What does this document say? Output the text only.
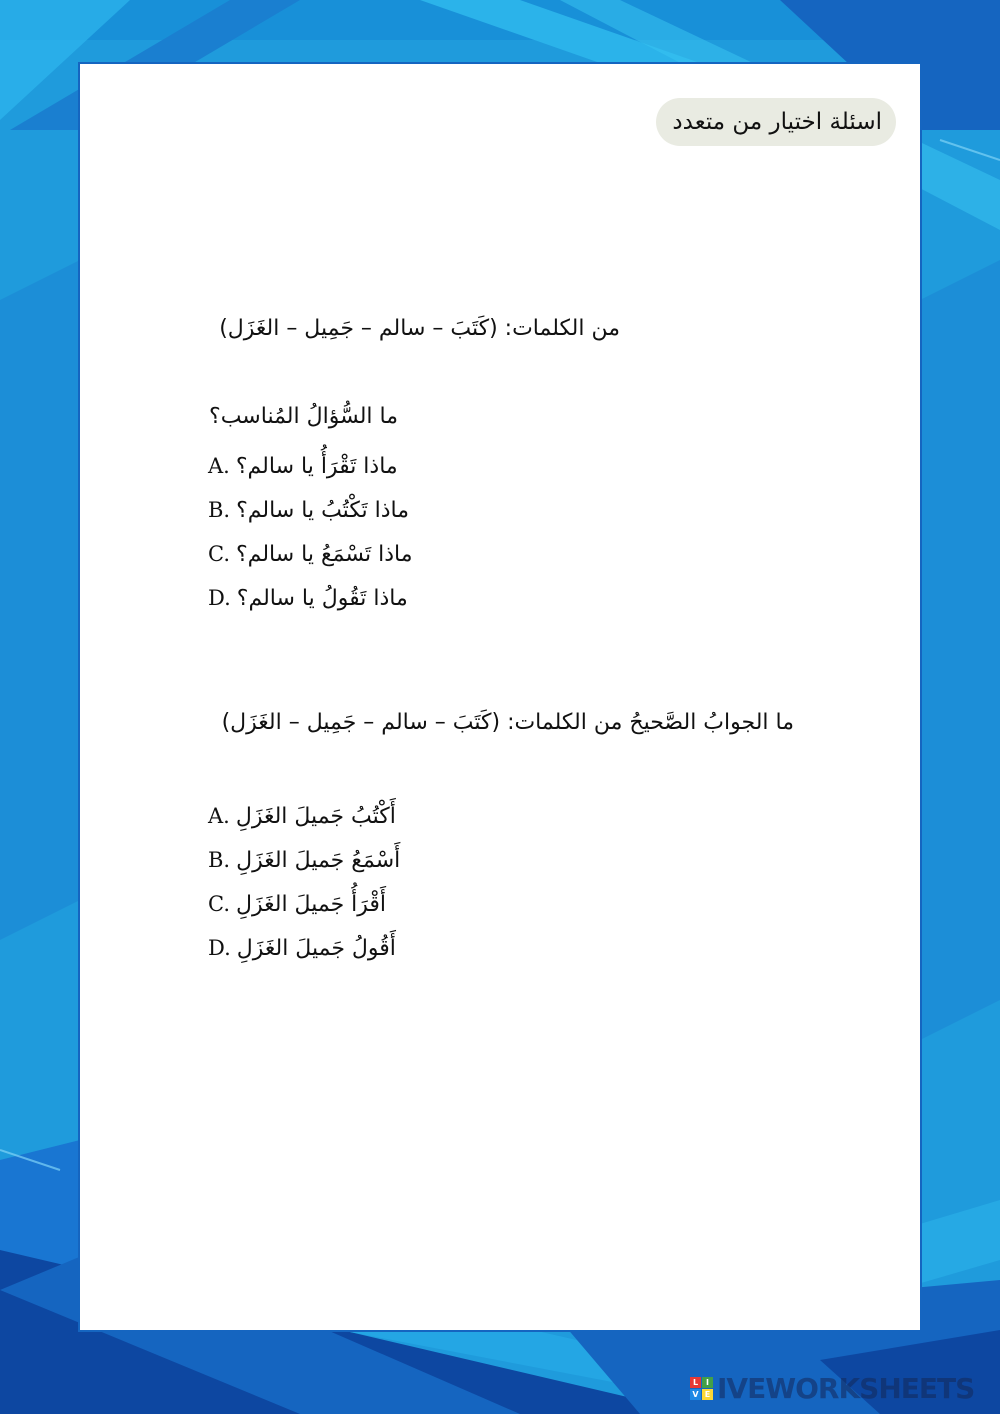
اسئلة اختيار من متعدد
من الكلمات: (كَتَبَ – سالم – جَمِيل – الغَزَل)
ما السُّؤالُ المُناسب؟
A. ماذا تَقْرَأُ يا سالم؟
B. ماذا تَكْتُبُ يا سالم؟
C. ماذا تَسْمَعُ يا سالم؟
D. ماذا تَقُولُ يا سالم؟
ما الجوابُ الصَّحيحُ من الكلمات: (كَتَبَ – سالم – جَمِيل – الغَزَل)
A. أَكْتُبُ جَميلَ الغَزَلِ
B. أَسْمَعُ جَميلَ الغَزَلِ
C. أَقْرَأُ جَميلَ الغَزَلِ
D. أَقُولُ جَميلَ الغَزَلِ
L I
V E IVEWORKSHEETS
